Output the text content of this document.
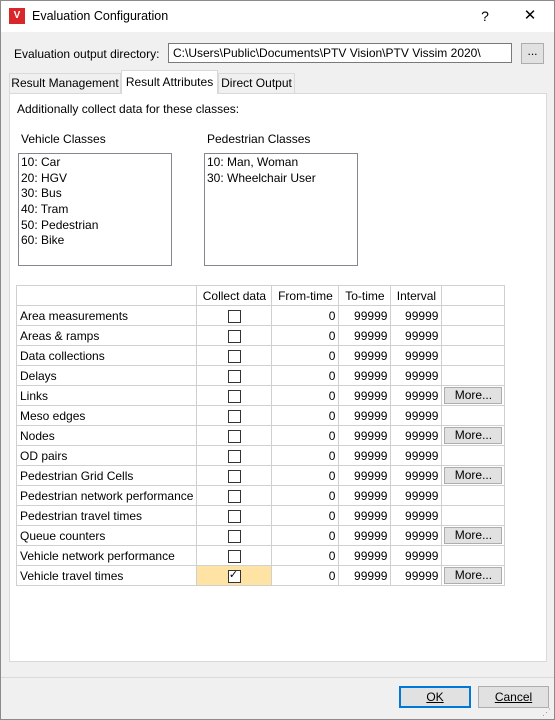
V Evaluation Configuration	?	✕
Evaluation output directory:
C:\Users\Public\Documents\PTV Vision\PTV Vissim 2020\	...
Result Management Result Attributes Direct Output
Additionally collect data for these classes:
Vehicle Classes
10: Car
20: HGV
30: Bus
40: Tram
50: Pedestrian
60: Bike
Pedestrian Classes
10: Man, Woman
30: Wheelchair User
	Collect data	From-time	To-time	Interval	
Area measurements		0	99999	99999	
Areas & ramps		0	99999	99999	
Data collections		0	99999	99999	
Delays		0	99999	99999	
Links		0	99999	99999	More...

Meso edges		0	99999	99999	
Nodes		0	99999	99999	More...

OD pairs		0	99999	99999	
Pedestrian Grid Cells		0	99999	99999	More...

Pedestrian network performance		0	99999	99999	
Pedestrian travel times		0	99999	99999	
Queue counters		0	99999	99999	More...

Vehicle network performance		0	99999	99999	
Vehicle travel times	✓	0	99999	99999	More...
OK	Cancel
⋰
